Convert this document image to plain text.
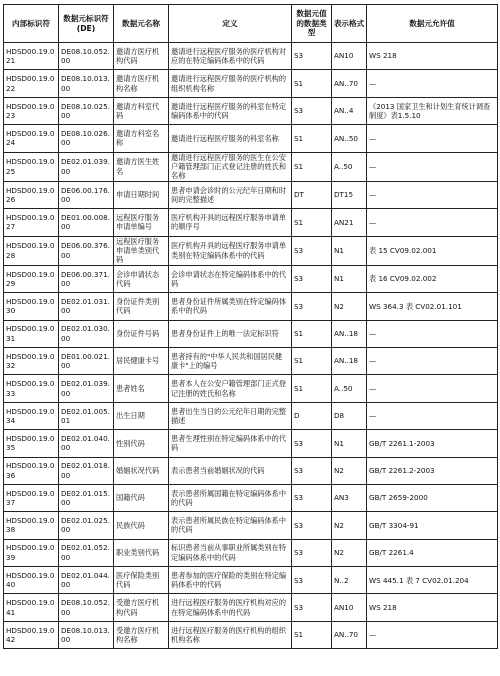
内部标识符	数据元标识符(DE)	数据元名称	定义	数据元值的数据类型	表示格式	数据元允许值
HDSD00.19.021	DE08.10.052.00	邀请方医疗机构代码	邀请进行远程医疗服务的医疗机构对应的在特定编码体系中的代码	S3	AN10	WS 218
HDSD00.19.022	DE08.10.013.00	邀请方医疗机构名称	邀请进行远程医疗服务的医疗机构的组织机构名称	S1	AN..70	—
HDSD00.19.023	DE08.10.025.00	邀请方科室代码	邀请进行远程医疗服务的科室在特定编码体系中的代码	S3	AN..4	《2013 国家卫生和计划生育统计调查制度》表1.5.10
HDSD00.19.024	DE08.10.026.00	邀请方科室名称	邀请进行远程医疗服务的科室名称	S1	AN..50	—
HDSD00.19.025	DE02.01.039.00	邀请方医生姓名	邀请进行远程医疗服务的医生在公安户籍管理部门正式登记注册的姓氏和名称	S1	A..50	—
HDSD00.19.026	DE06.00.176.00	申请日期时间	患者申请会诊时的公元纪年日期和时间的完整描述	DT	DT15	—
HDSD00.19.027	DE01.00.008.00	远程医疗服务申请单编号	医疗机构开具的远程医疗服务申请单的顺序号	S1	AN21	—
HDSD00.19.028	DE06.00.376.00	远程医疗服务申请单类别代码	医疗机构开具的远程医疗服务申请单类别在特定编码体系中的代码	S3	N1	表 15 CV09.02.001
HDSD00.19.029	DE06.00.371.00	会诊申请状态代码	会诊申请状态在特定编码体系中的代码	S3	N1	表 16 CV09.02.002
HDSD00.19.030	DE02.01.031.00	身份证件类别代码	患者身份证件所属类别在特定编码体系中的代码	S3	N2	WS 364.3 表 CV02.01.101
HDSD00.19.031	DE02.01.030.00	身份证件号码	患者身份证件上的唯一法定标识符	S1	AN..18	—
HDSD00.19.032	DE01.00.021.00	居民健康卡号	患者持有的"中华人民共和国居民健康卡"上的编号	S1	AN..18	—
HDSD00.19.033	DE02.01.039.00	患者姓名	患者本人在公安户籍管理部门正式登记注册的姓氏和名称	S1	A..50	—
HDSD00.19.034	DE02.01.005.01	出生日期	患者出生当日的公元纪年日期的完整描述	D	D8	—
HDSD00.19.035	DE02.01.040.00	性别代码	患者生理性别在特定编码体系中的代码	S3	N1	GB/T 2261.1-2003
HDSD00.19.036	DE02.01.018.00	婚姻状况代码	表示患者当前婚姻状况的代码	S3	N2	GB/T 2261.2-2003
HDSD00.19.037	DE02.01.015.00	国籍代码	表示患者所属国籍在特定编码体系中的代码	S3	AN3	GB/T 2659-2000
HDSD00.19.038	DE02.01.025.00	民族代码	表示患者所属民族在特定编码体系中的代码	S3	N2	GB/T 3304-91
HDSD00.19.039	DE02.01.052.00	职业类别代码	标识患者当前从事职业所属类别在特定编码体系中的代码	S3	N2	GB/T 2261.4
HDSD00.19.040	DE02.01.044.00	医疗保险类别代码	患者参加的医疗保险的类别在特定编码体系中的代码	S3	N..2	WS 445.1 表 7 CV02.01.204
HDSD00.19.041	DE08.10.052.00	受邀方医疗机构代码	进行远程医疗服务的医疗机构对应的在特定编码体系中的代码	S3	AN10	WS 218
HDSD00.19.042	DE08.10.013.00	受邀方医疗机构名称	进行远程医疗服务的医疗机构的组织机构名称	S1	AN..70	—
